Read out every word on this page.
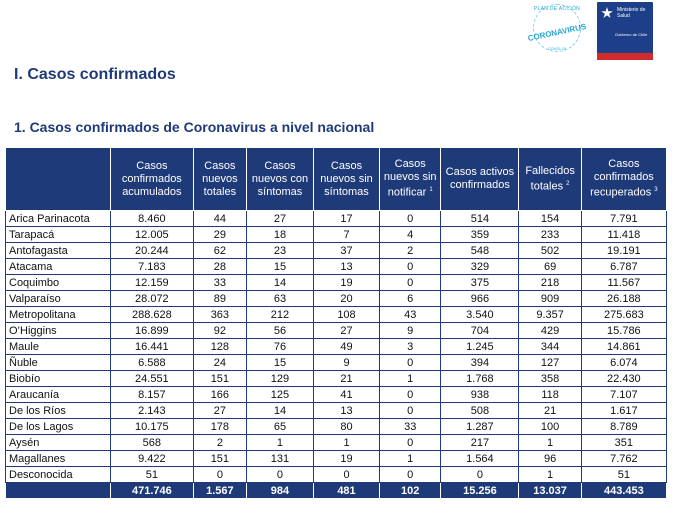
PLAN DE ACCIÓN
CORONAVIRUS
COVID-19
Ministerio de Salud
Gobierno de Chile
I. Casos confirmados
1. Casos confirmados de Coronavirus a nivel nacional
	Casos confirmados acumulados	Casos nuevos totales	Casos nuevos con síntomas	Casos nuevos sin síntomas	Casos nuevos sin notificar $^1$	Casos activos confirmados	Fallecidos totales $^2$	Casos confirmados recuperados $^3$
Arica Parinacota	8.460	44	27	17	0	514	154	7.791
Tarapacá	12.005	29	18	7	4	359	233	11.418
Antofagasta	20.244	62	23	37	2	548	502	19.191
Atacama	7.183	28	15	13	0	329	69	6.787
Coquimbo	12.159	33	14	19	0	375	218	11.567
Valparaíso	28.072	89	63	20	6	966	909	26.188
Metropolitana	288.628	363	212	108	43	3.540	9.357	275.683
O’Higgins	16.899	92	56	27	9	704	429	15.786
Maule	16.441	128	76	49	3	1.245	344	14.861
Ñuble	6.588	24	15	9	0	394	127	6.074
Biobío	24.551	151	129	21	1	1.768	358	22.430
Araucanía	8.157	166	125	41	0	938	118	7.107
De los Ríos	2.143	27	14	13	0	508	21	1.617
De los Lagos	10.175	178	65	80	33	1.287	100	8.789
Aysén	568	2	1	1	0	217	1	351
Magallanes	9.422	151	131	19	1	1.564	96	7.762
Desconocida	51	0	0	0	0	0	1	51
	471.746	1.567	984	481	102	15.256	13.037	443.453
